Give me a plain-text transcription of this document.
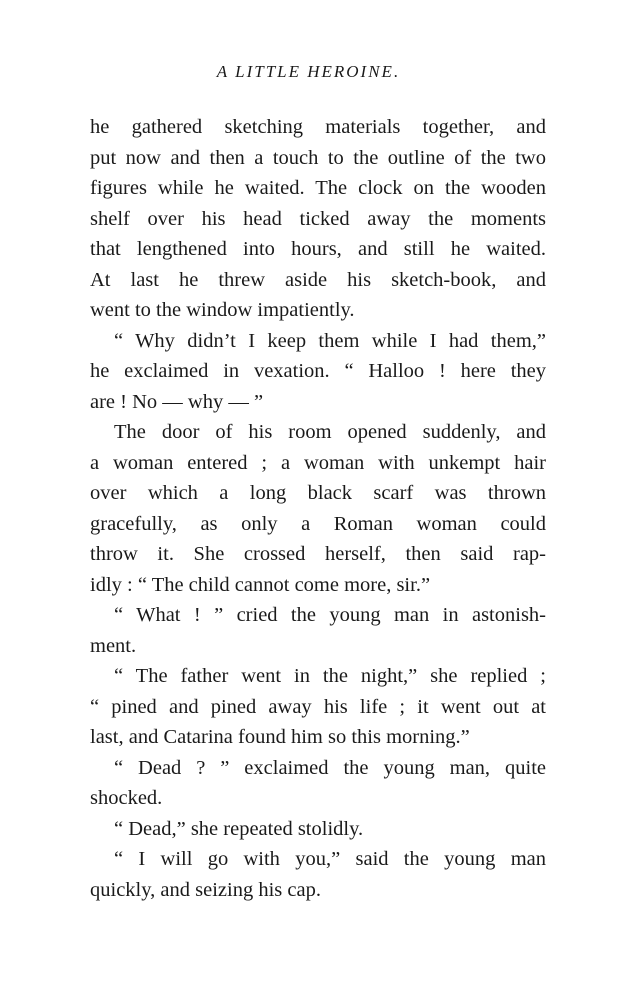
A LITTLE HEROINE.
he gathered sketching materials together, and
put now and then a touch to the outline of the two
figures while he waited. The clock on the wooden
shelf over his head ticked away the moments
that lengthened into hours, and still he waited.
At last he threw aside his sketch-book, and
went to the window impatiently.
“ Why didn’t I keep them while I had them,”
he exclaimed in vexation. “ Halloo ! here they
are ! No — why — ”
The door of his room opened suddenly, and
a woman entered ; a woman with unkempt hair
over which a long black scarf was thrown
gracefully, as only a Roman woman could
throw it. She crossed herself, then said rap-
idly : “ The child cannot come more, sir.”
“ What ! ” cried the young man in astonish-
ment.
“ The father went in the night,” she replied ;
“ pined and pined away his life ; it went out at
last, and Catarina found him so this morning.”
“ Dead ? ” exclaimed the young man, quite
shocked.
“ Dead,” she repeated stolidly.
“ I will go with you,” said the young man
quickly, and seizing his cap.
